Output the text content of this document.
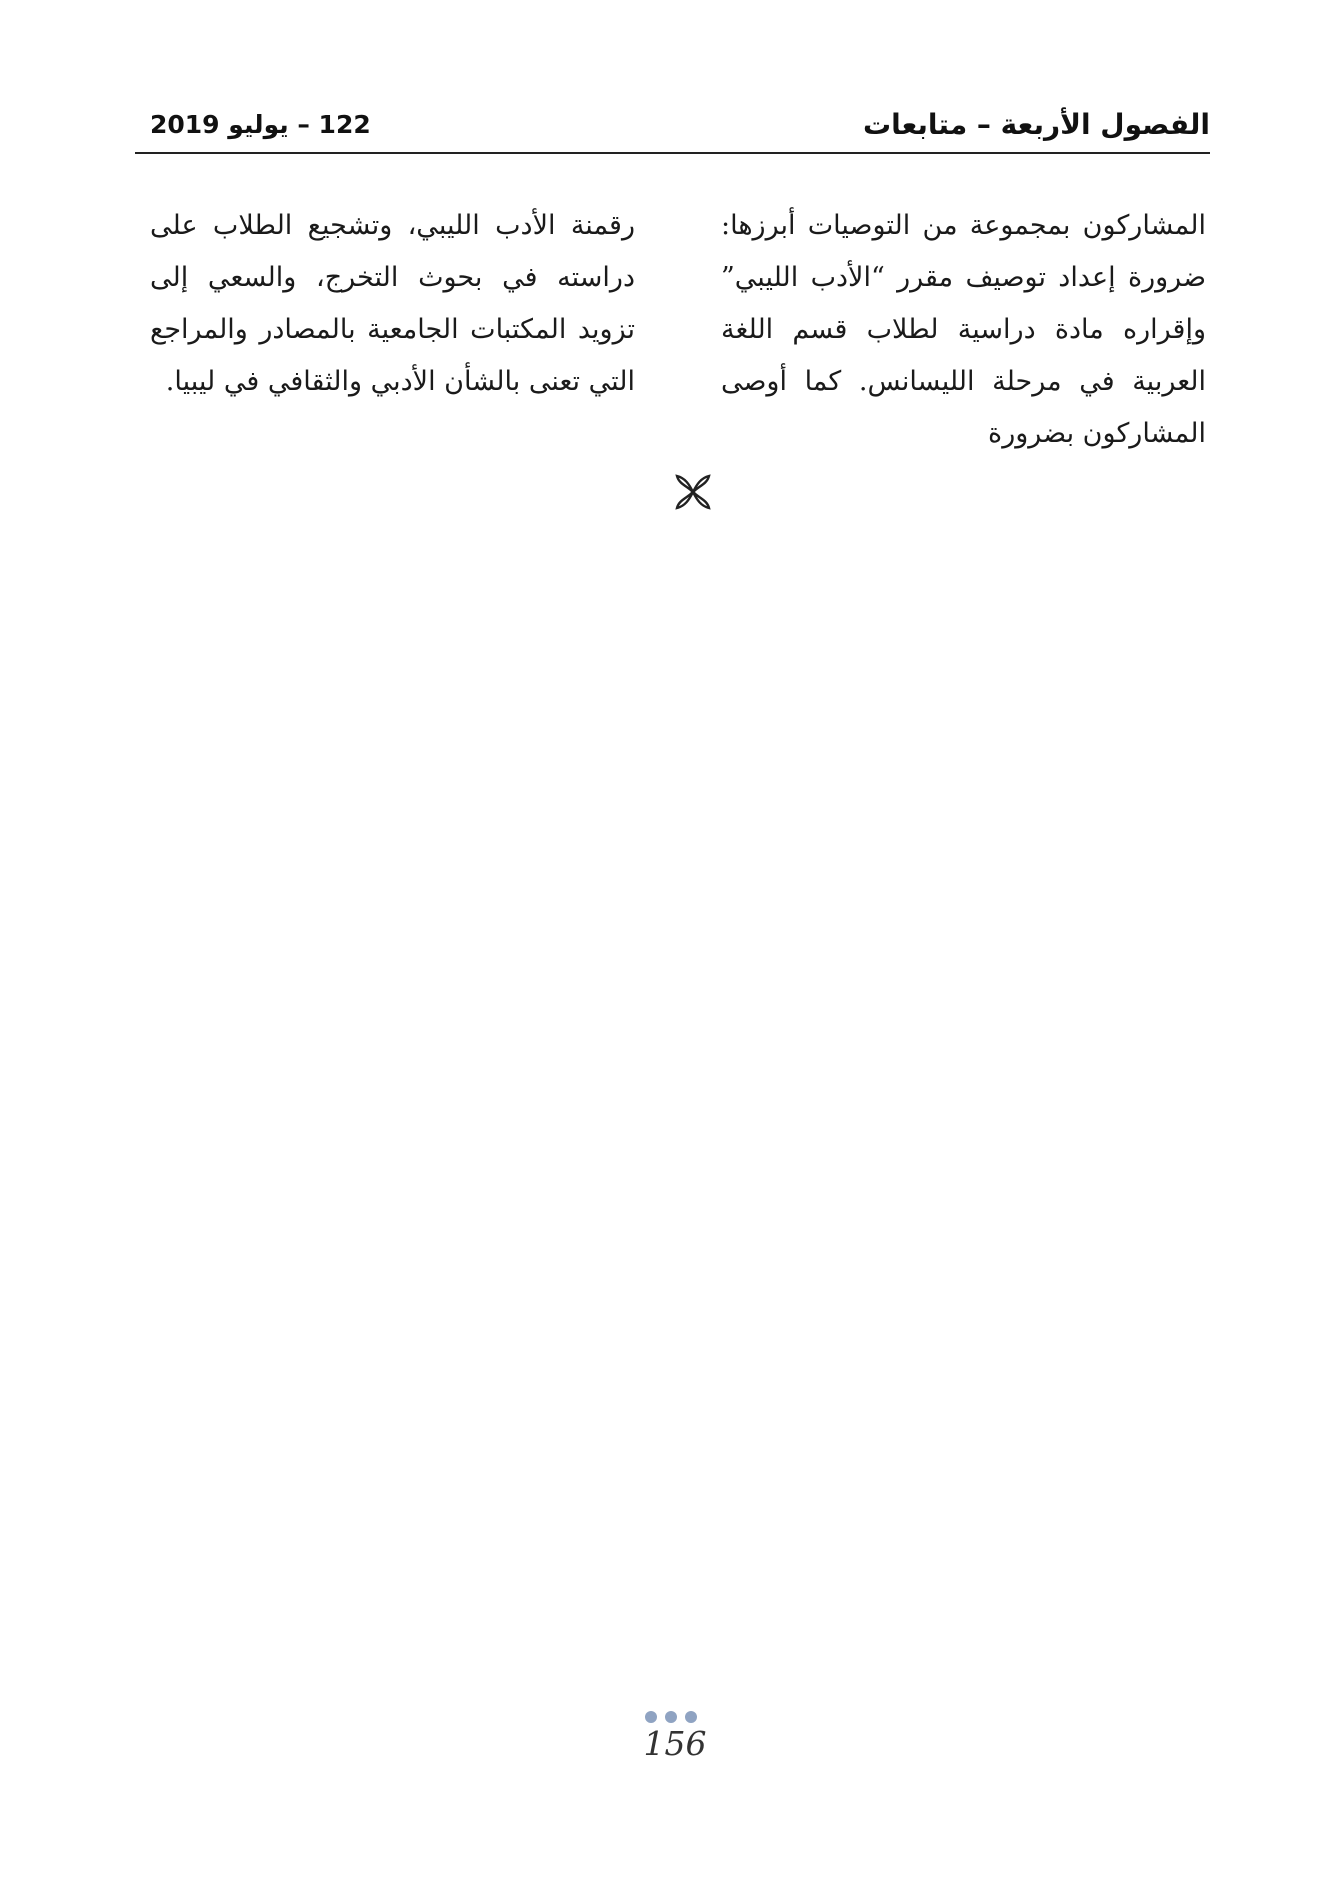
الفصول الأربعة – متابعات
122 – يوليو 2019
المشاركون بمجموعة من التوصيات أبرزها: ضرورة إعداد توصيف مقرر “الأدب الليبي” وإقراره مادة دراسية لطلاب قسم اللغة العربية في مرحلة الليسانس. كما أوصى المشاركون بضرورة
رقمنة الأدب الليبي، وتشجيع الطلاب على دراسته في بحوث التخرج، والسعي إلى تزويد المكتبات الجامعية بالمصادر والمراجع التي تعنى بالشأن الأدبي والثقافي في ليبيا.
156
